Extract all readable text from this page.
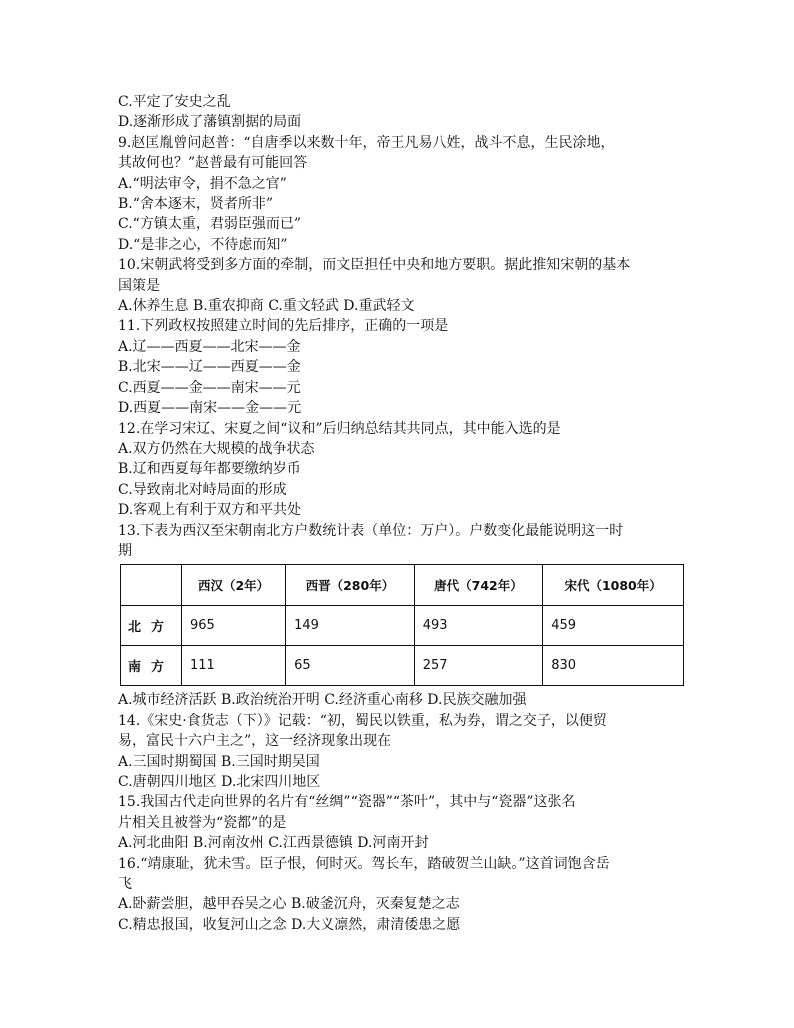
C.平定了安史之乱
D.逐渐形成了藩镇割据的局面
9.赵匡胤曾问赵普：“自唐季以来数十年，帝王凡易八姓，战斗不息，生民涂地，
其故何也？”赵普最有可能回答
A.“明法审令，捐不急之官”
B.“舍本逐末，贤者所非”
C.“方镇太重，君弱臣强而已”
D.“是非之心，不待虑而知”
10.宋朝武将受到多方面的牵制，而文臣担任中央和地方要职。据此推知宋朝的基本
国策是
A.休养生息 B.重农抑商 C.重文轻武 D.重武轻文
11.下列政权按照建立时间的先后排序，正确的一项是
A.辽——西夏——北宋——金
B.北宋——辽——西夏——金
C.西夏——金——南宋——元
D.西夏——南宋——金——元
12.在学习宋辽、宋夏之间“议和”后归纳总结其共同点，其中能入选的是
A.双方仍然在大规模的战争状态
B.辽和西夏每年都要缴纳岁币
C.导致南北对峙局面的形成
D.客观上有利于双方和平共处
13.下表为西汉至宋朝南北方户数统计表（单位：万户）。户数变化最能说明这一时
期
	西汉（2年）	西晋（280年）	唐代（742年）	宋代（1080年）
北方	965	149	493	459
南方	111	65	257	830
A.城市经济活跃 B.政治统治开明 C.经济重心南移 D.民族交融加强
14.《宋史·食货志（下）》记载：“初，蜀民以铁重，私为券，谓之交子，以便贸
易，富民十六户主之”，这一经济现象出现在
A.三国时期蜀国 B.三国时期吴国
C.唐朝四川地区 D.北宋四川地区
15.我国古代走向世界的名片有“丝绸”“瓷器”“茶叶”，其中与“瓷器”这张名
片相关且被誉为“瓷都”的是
A.河北曲阳 B.河南汝州 C.江西景德镇 D.河南开封
16.“靖康耻，犹未雪。臣子恨，何时灭。驾长车，踏破贺兰山缺。”这首词饱含岳
飞
A.卧薪尝胆，越甲吞吴之心 B.破釜沉舟，灭秦复楚之志
C.精忠报国，收复河山之念 D.大义凛然，肃清倭患之愿
